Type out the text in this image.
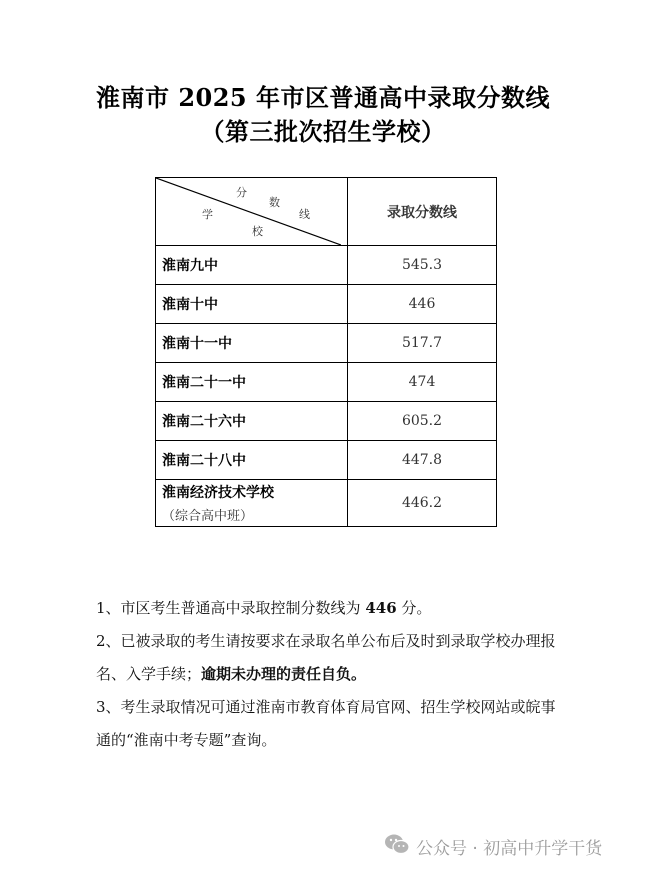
淮南市 2025 年市区普通高中录取分数线
（第三批次招生学校）
分
数
线
学
校	录取分数线
淮南九中	545.3
淮南十中	446
淮南十一中	517.7
淮南二十一中	474
淮南二十六中	605.2
淮南二十八中	447.8
淮南经济技术学校
（综合高中班）	446.2

1、市区考生普通高中录取控制分数线为 446 分。

2、已被录取的考生请按要求在录取名单公布后及时到录取学校办理报名、入学手续；逾期未办理的责任自负。

3、考生录取情况可通过淮南市教育体育局官网、招生学校网站或皖事通的“淮南中考专题”查询。

公众号 · 初高中升学干货
